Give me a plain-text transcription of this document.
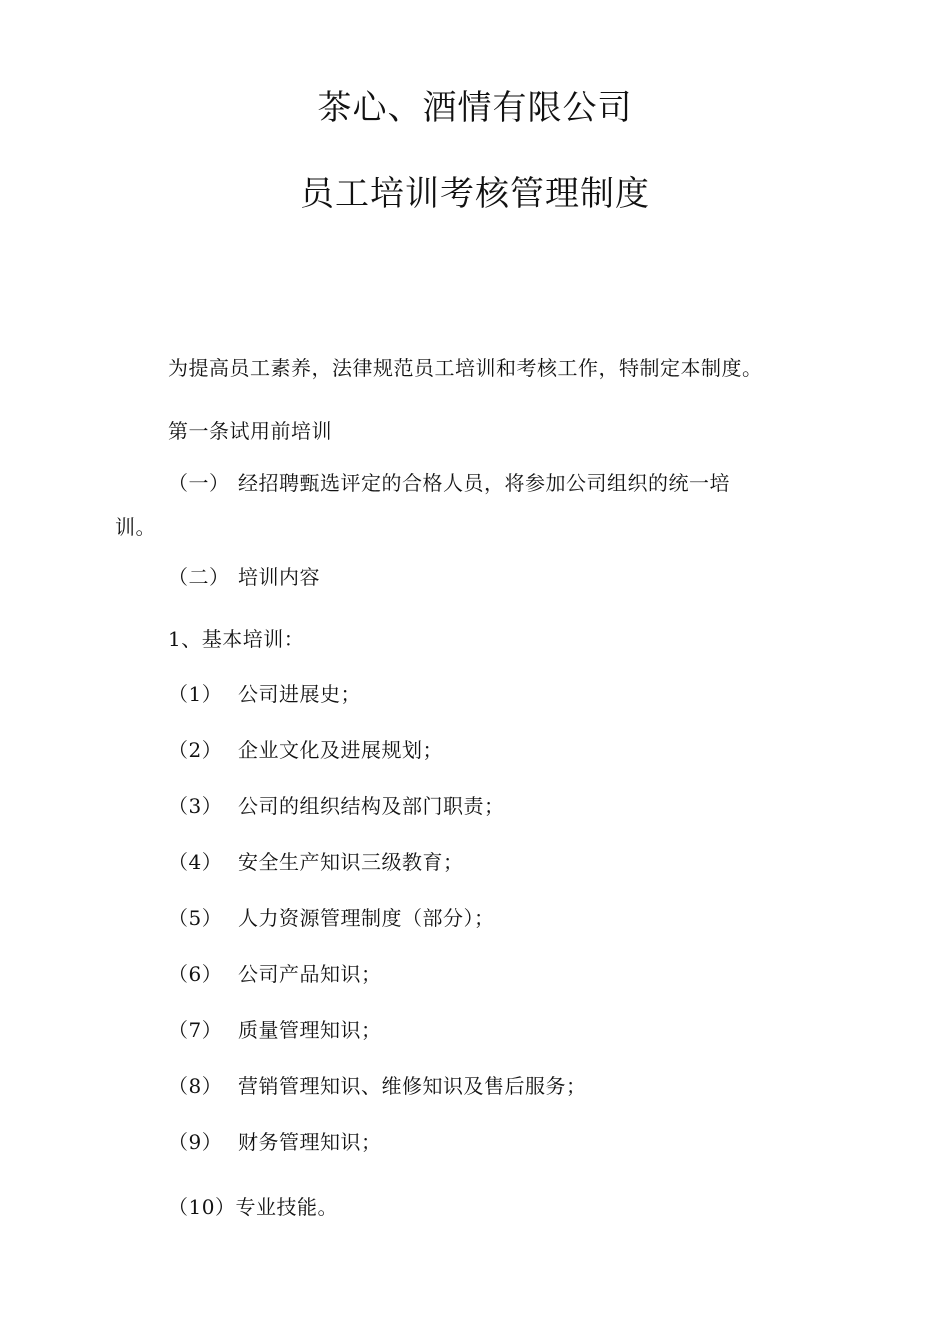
茶心、酒情有限公司
员工培训考核管理制度
为提高员工素养，法律规范员工培训和考核工作，特制定本制度。
第一条试用前培训
（一） 经招聘甄选评定的合格人员，将参加公司组织的统一培
训。
（二） 培训内容
1、基本培训：
（1） 公司进展史；
（2） 企业文化及进展规划；
（3） 公司的组织结构及部门职责；
（4） 安全生产知识三级教育；
（5） 人力资源管理制度（部分）；
（6） 公司产品知识；
（7） 质量管理知识；
（8） 营销管理知识、维修知识及售后服务；
（9） 财务管理知识；
（10）专业技能。
